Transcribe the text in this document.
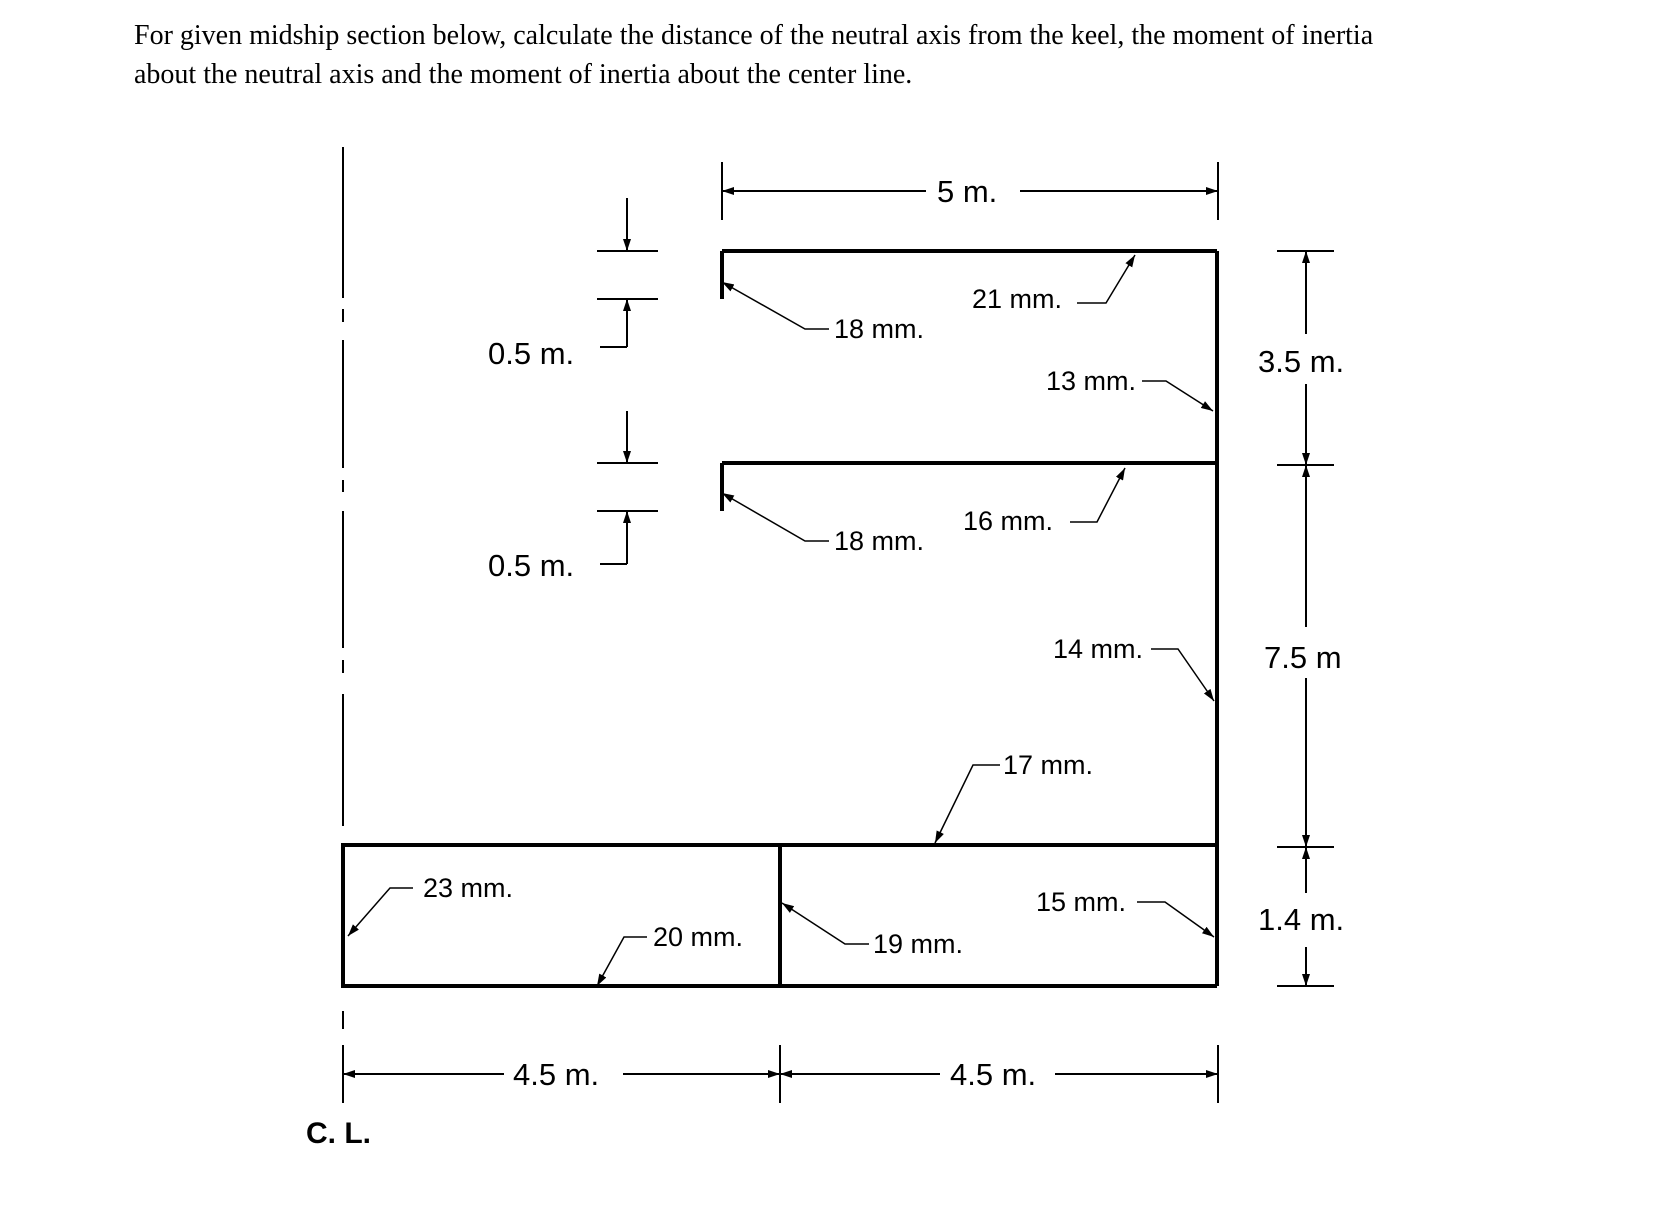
For given midship section below, calculate the distance of the neutral axis from the keel, the moment of inertia

about the neutral axis and the moment of inertia about the center line.

5 m.
0.5 m.
0.5 m.
3.5 m.
7.5 m
1.4 m.
4.5 m.	4.5 m.
18 mm.
21 mm.
13 mm.
18 mm.
16 mm.
14 mm.
17 mm.
23 mm.
20 mm.	19 mm.
15 mm.
C. L.
